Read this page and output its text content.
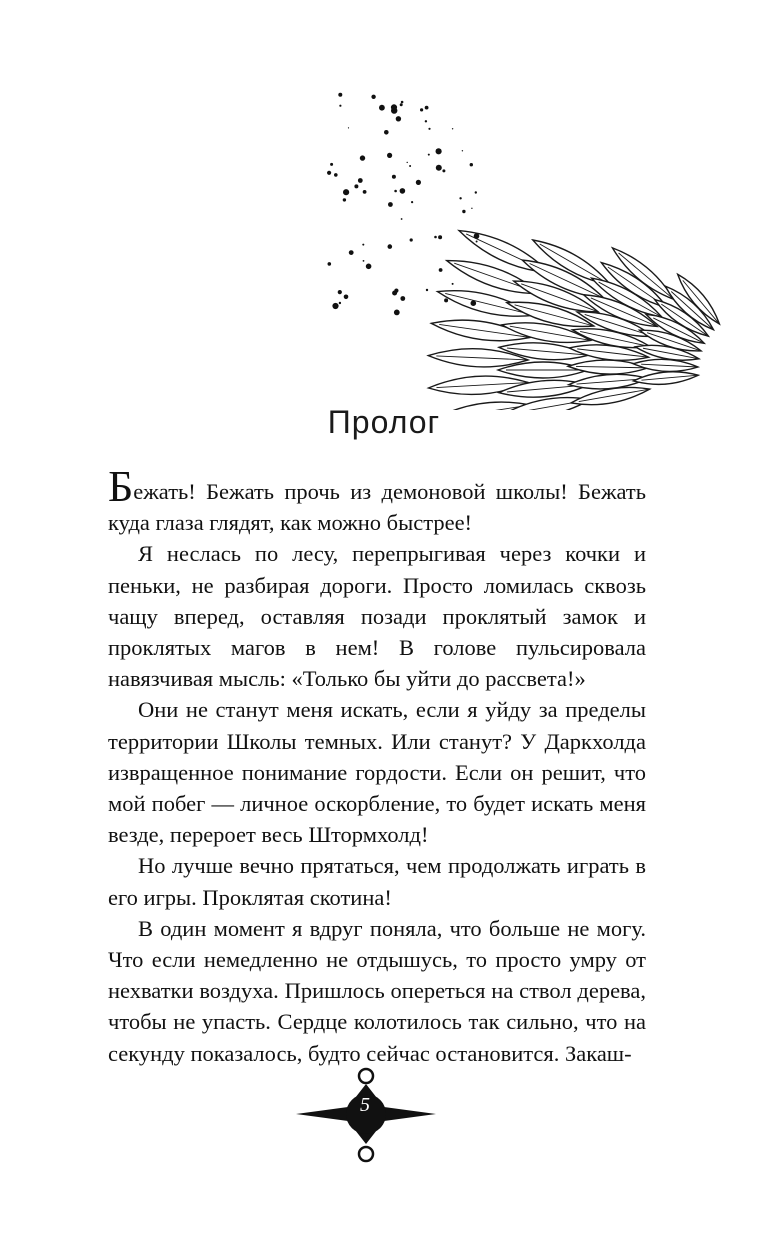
Пролог

Бежать! Бежать прочь из демоновой школы! Бежать куда глаза глядят, как можно быстрее!

Я неслась по лесу, перепрыгивая через кочки и пеньки, не разбирая дороги. Просто ломилась сквозь чащу вперед, оставляя позади проклятый замок и проклятых магов в нем! В голове пульсировала навязчивая мысль: «Только бы уйти до рассвета!»

Они не станут меня искать, если я уйду за пределы территории Школы темных. Или станут? У Даркхолда извращенное понимание гордости. Если он решит, что мой побег — личное оскорбление, то будет искать меня везде, перероет весь Штормхолд!

Но лучше вечно прятаться, чем продолжать играть в его игры. Проклятая скотина!

В один момент я вдруг поняла, что больше не могу. Что если немедленно не отдышусь, то просто умру от нехватки воздуха. Пришлось опереться на ствол дерева, чтобы не упасть. Сердце колотилось так сильно, что на секунду показалось, будто сейчас остановится. Закаш-

5
